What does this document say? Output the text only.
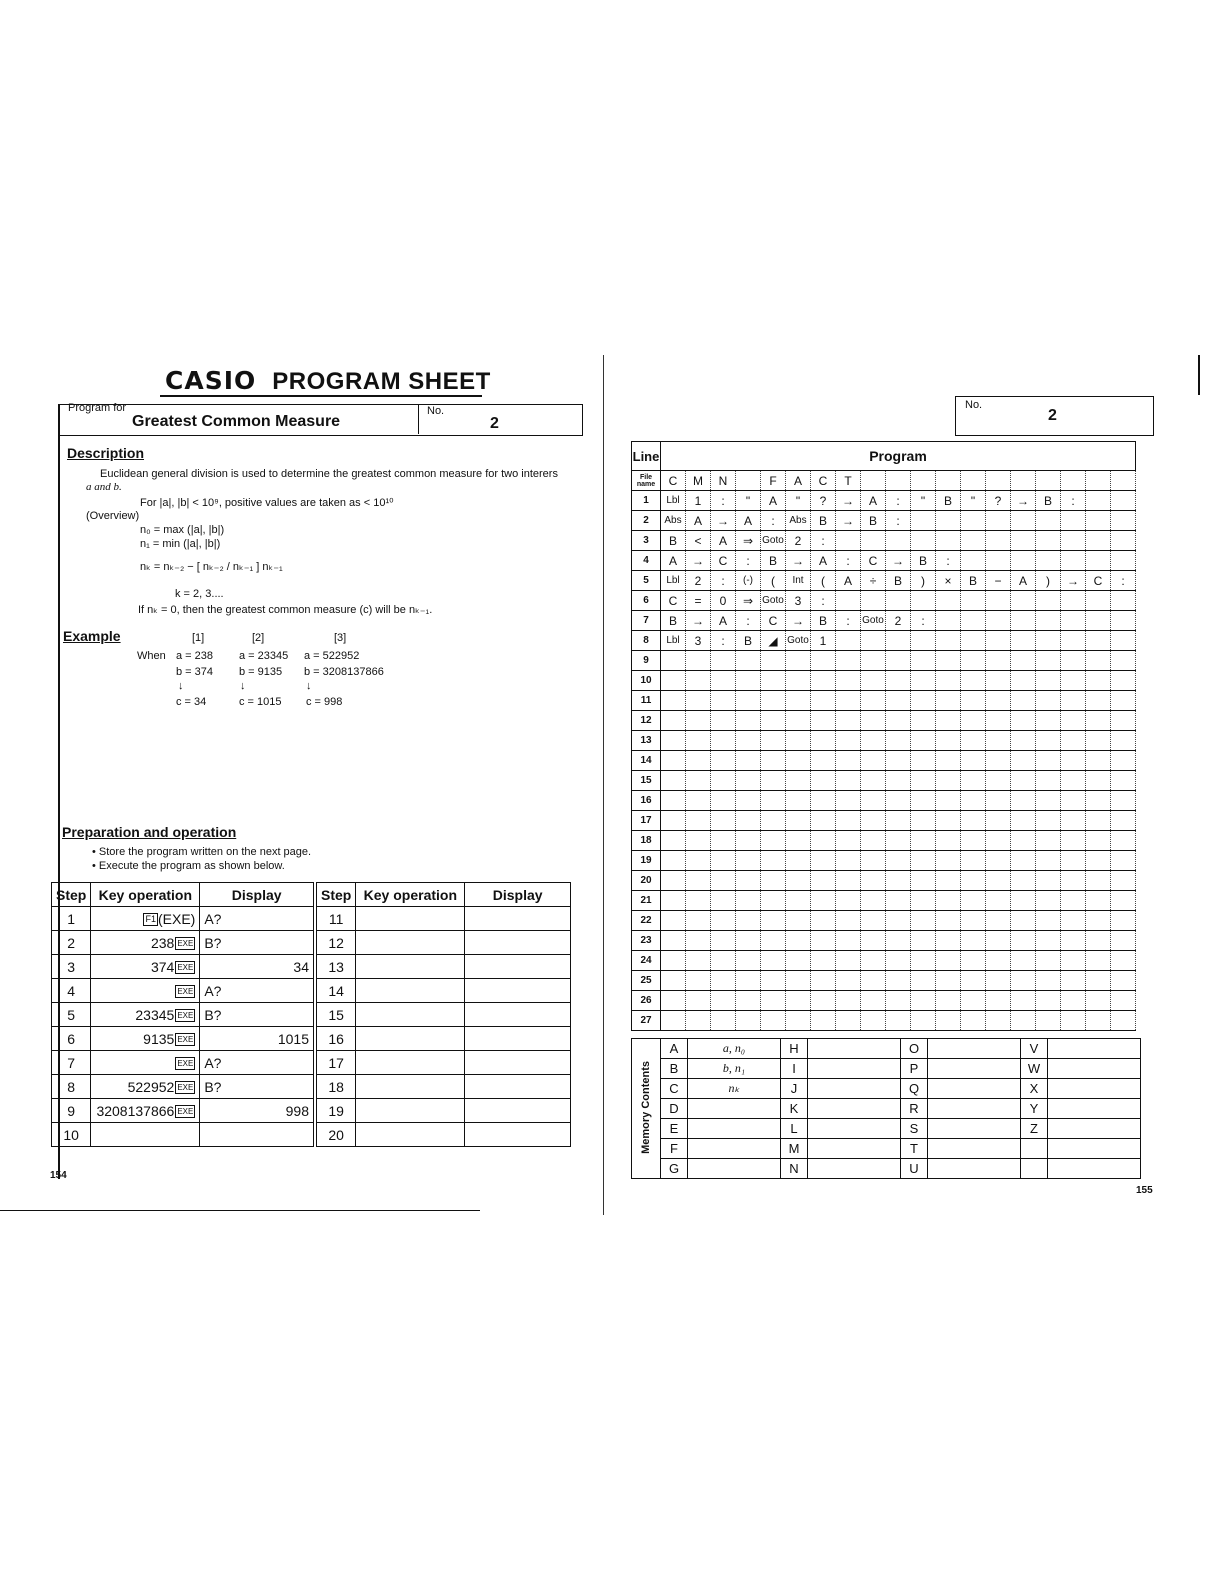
CASIO PROGRAM SHEET
Program for
Greatest Common Measure
No.
2
Description
Euclidean general division is used to determine the greatest common measure for two interers
a and b.
For |a|, |b| < 10⁹, positive values are taken as < 10¹⁰
(Overview)
n₀ = max (|a|, |b|)
n₁ = min (|a|, |b|)
nₖ = nₖ₋₂ − [ nₖ₋₂ / nₖ₋₁ ] nₖ₋₁
k = 2, 3....
If nₖ = 0, then the greatest common measure (c) will be nₖ₋₁.
Example	[1]	[2]	[3]
When a = 238 a = 23345 a = 522952
b = 374 b = 9135 b = 3208137866
↓	↓	↓
c = 34	c = 1015 c = 998
Preparation and operation
• Store the program written on the next page.
• Execute the program as shown below.
Step	Key operation	Display
1	F1 (EXE)	A?
2	238 EXE	B?
3	374 EXE	34
4	EXE	A?
5	23345 EXE	B?
6	9135 EXE	1015
7	EXE	A?
8	522952 EXE	B?
9	3208137866 EXE	998
10		
Step	Key operation	Display
11		
12		
13		
14		
15		
16		
17		
18		
19		
20		
154
No.
2
Line	Program																		
File name	C	M	N		F	A	C	T											
1	Lbl	1	:	"	A	"	?	→	A	:	"	B	"	?	→	B	:		
2	Abs	A	→	A	:	Abs	B	→	B	:									
3	B	<	A	⇒	Goto	2	:												
4	A	→	C	:	B	→	A	:	C	→	B	:							
5	Lbl	2	:	(-)	(	Int	(	A	÷	B	)	×	B	−	A	)	→	C	:
6	C	=	0	⇒	Goto	3	:												
7	B	→	A	:	C	→	B	:	Goto	2	:								
8	Lbl	3	:	B	◢	Goto	1												
9																			
10																			
11																			
12																			
13																			
14																			
15																			
16																			
17																			
18																			
19																			
20																			
21																			
22																			
23																			
24																			
25																			
26																			
27																			
Memory Contents	A	a, n₀	H		O		V	
	B	b, n₁	I		P		W	
	C	nₖ	J		Q		X	
	D		K		R		Y	
	E		L		S		Z	
	F		M		T			
	G		N		U			
155
